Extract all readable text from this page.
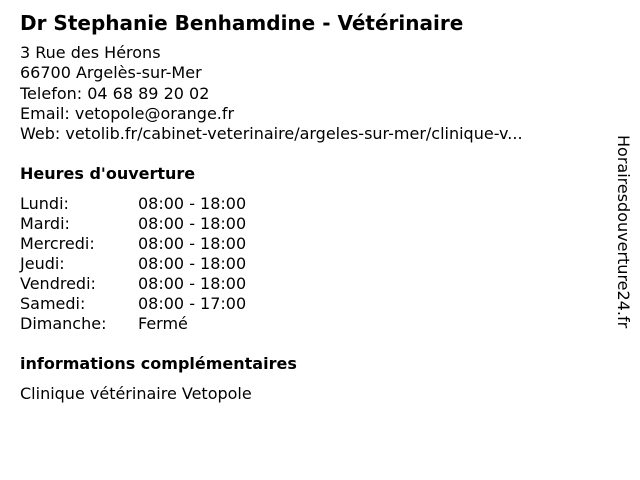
Dr Stephanie Benhamdine - Vétérinaire
3 Rue des Hérons
66700 Argelès-sur-Mer
Telefon: 04 68 89 20 02
Email: vetopole@orange.fr
Web: vetolib.fr/cabinet-veterinaire/argeles-sur-mer/clinique-v...
Heures d'ouverture
Lundi:	08:00 - 18:00
Mardi:	08:00 - 18:00
Mercredi:	08:00 - 18:00
Jeudi:	08:00 - 18:00
Vendredi:	08:00 - 18:00
Samedi:	08:00 - 17:00
Dimanche: Fermé
informations complémentaires
Clinique vétérinaire Vetopole
Horairesdouverture24.fr
